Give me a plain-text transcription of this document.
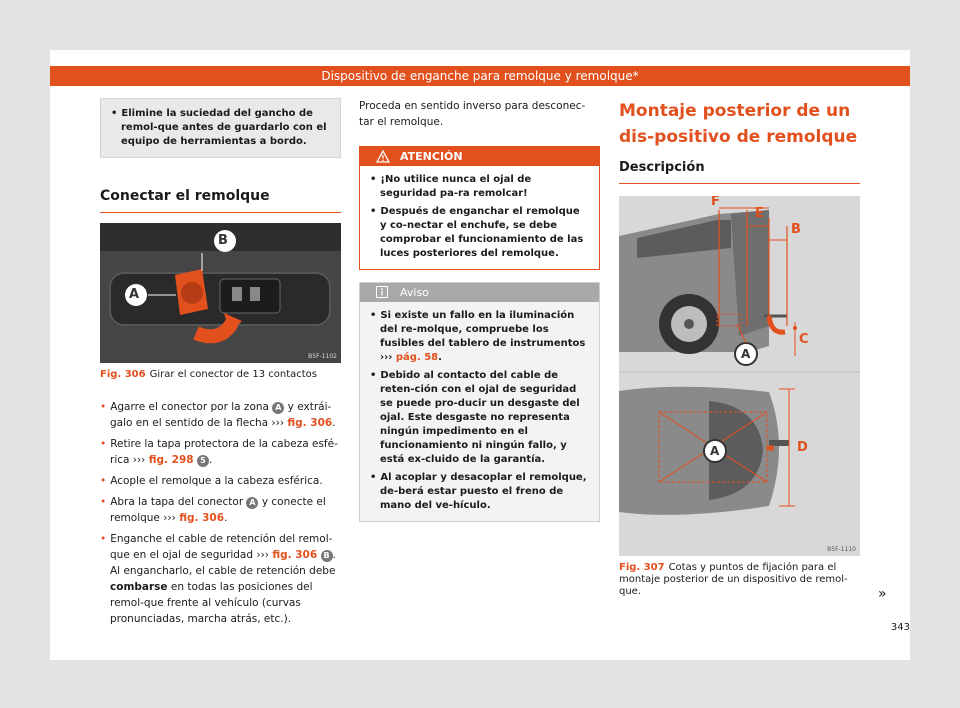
Dispositivo de enganche para remolque y remolque*
• Elimine la suciedad del gancho de remol-que antes de guardarlo con el equipo de herramientas a bordo.
Conectar el remolque
B
A
B5F-1102
Fig. 306 Girar el conector de 13 contactos
• Agarre el conector por la zona A y extrái-galo en el sentido de la flecha ››› fig. 306.
• Retire la tapa protectora de la cabeza esfé-rica ››› fig. 298 5 .
• Acople el remolque a la cabeza esférica.
• Abra la tapa del conector A y conecte el remolque ››› fig. 306.
• Enganche el cable de retención del remol-que en el ojal de seguridad ››› fig. 306 B . Al engancharlo, el cable de retención debe combarse en todas las posiciones del remol-que frente al vehículo (curvas pronunciadas, marcha atrás, etc.).
Proceda en sentido inverso para desconec-tar el remolque.
ATENCIÓN
• ¡No utilice nunca el ojal de seguridad pa-ra remolcar!
• Después de enganchar el remolque y co-nectar el enchufe, se debe comprobar el funcionamiento de las luces posteriores del remolque.
Aviso
• Si existe un fallo en la iluminación del re-molque, compruebe los fusibles del tablero de instrumentos ››› pág. 58.
• Debido al contacto del cable de reten-ción con el ojal de seguridad se puede pro-ducir un desgaste del ojal. Este desgaste no representa ningún impedimento en el funcionamiento ni ningún fallo, y está ex-cluido de la garantía.
• Al acoplar y desacoplar el remolque, de-berá estar puesto el freno de mano del ve-hículo.
Montaje posterior de un dis-positivo de remolque
Descripción
F
E
B
C
A
A	D
B5F-1110
Fig. 307 Cotas y puntos de fijación para el montaje posterior de un dispositivo de remol-que.	»
343
